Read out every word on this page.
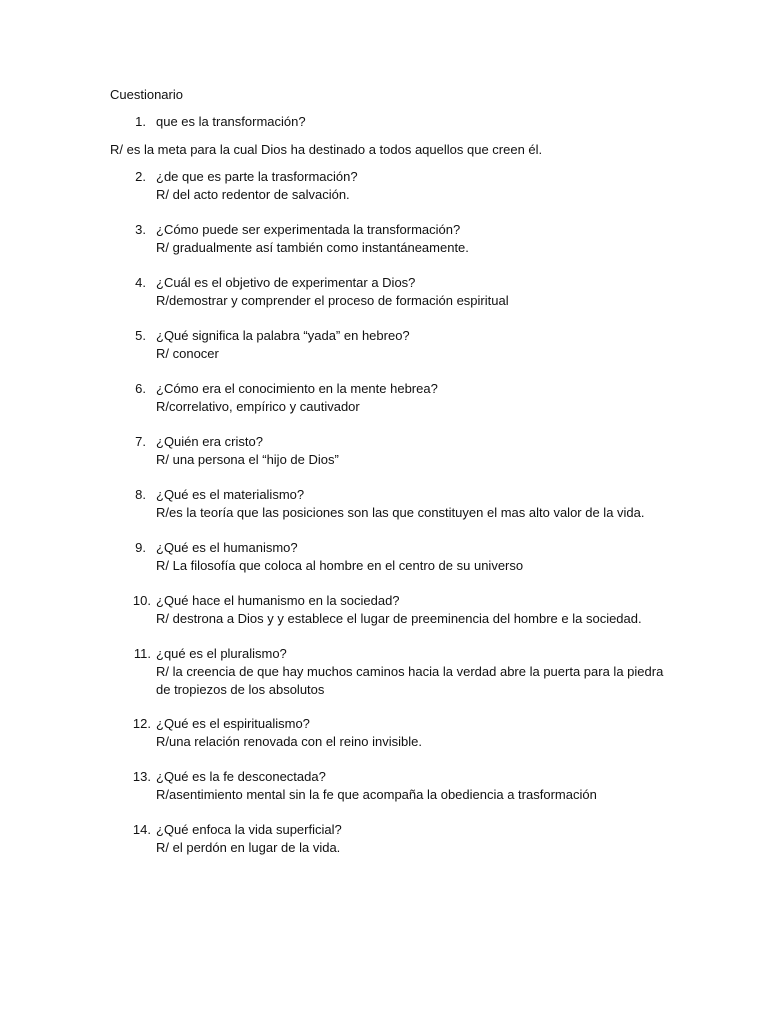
Cuestionario
1. que es la transformación?
R/ es la meta para la cual Dios ha destinado a todos aquellos que creen él.
2. ¿de que es parte la trasformación?
R/ del acto redentor de salvación.
3. ¿Cómo puede ser experimentada la transformación?
R/ gradualmente así también como instantáneamente.
4. ¿Cuál es el objetivo de experimentar a Dios?
R/demostrar y comprender el proceso de formación espiritual
5. ¿Qué significa la palabra “yada” en hebreo?
R/ conocer
6. ¿Cómo era el conocimiento en la mente hebrea?
R/correlativo, empírico y cautivador
7. ¿Quién era cristo?
R/ una persona el “hijo de Dios”
8. ¿Qué es el materialismo?
R/es la teoría que las posiciones son las que constituyen el mas alto valor de la vida.
9. ¿Qué es el humanismo?
R/ La filosofía que coloca al hombre en el centro de su universo
10. ¿Qué hace el humanismo en la sociedad?
R/ destrona a Dios y y establece el lugar de preeminencia del hombre e la sociedad.
11. ¿qué es el pluralismo?
R/ la creencia de que hay muchos caminos hacia la verdad abre la puerta para la piedra
de tropiezos de los absolutos
12. ¿Qué es el espiritualismo?
R/una relación renovada con el reino invisible.
13. ¿Qué es la fe desconectada?
R/asentimiento mental sin la fe que acompaña la obediencia a trasformación
14. ¿Qué enfoca la vida superficial?
R/ el perdón en lugar de la vida.
